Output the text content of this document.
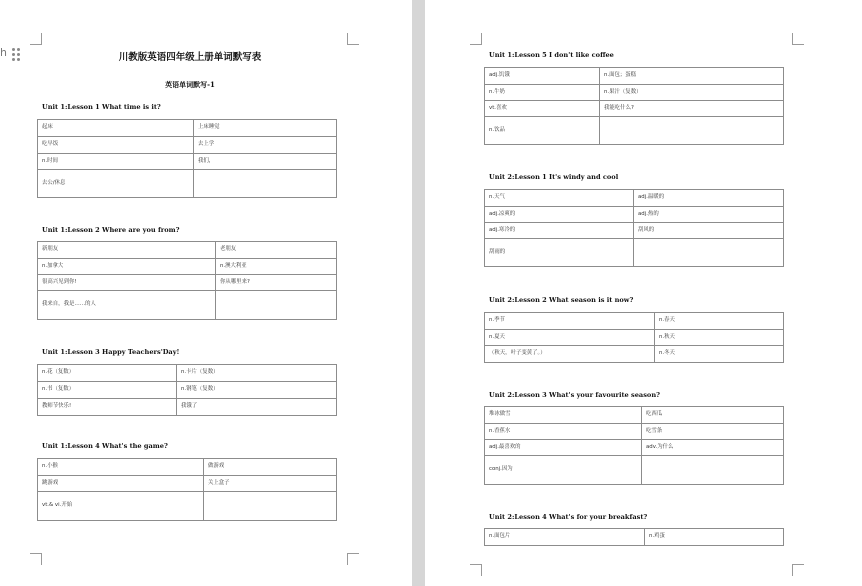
h	川教版英语四年级上册单词默写表
英语单词默写-1
Unit 1:Lesson 1 What time is it?
起床	上床睡觉
吃早饭	去上学
n.时间	我们，
去公/休息	
Unit 1:Lesson 2 Where are you from?
新朋友	老朋友
n.加拿大	n.澳大利亚
很高兴见到你!	你从哪里来?
我来自，我是……的人	
Unit 1:Lesson 3 Happy Teachers'Day!
n.花（复数）	n.卡片（复数）
n.书（复数）	n.钢笔（复数）
教师节快乐!	我饿了
Unit 1:Lesson 4 What's the game?
n.小猴	做游戏
跳游戏	关上盒子
vt.& vi.开始	
Unit 1:Lesson 5 I don't like coffee
adj.饥饿	n.面包；蛋糕
n.牛奶	n.果汁（复数）
vt.喜欢	我能吃什么?
n.饮品	
Unit 2:Lesson 1 It's windy and cool
n.天气	adj.温暖的
adj.凉爽的	adj.热的
adj.寒冷的	刮风的
刮雨的	
Unit 2:Lesson 2 What season is it now?
n.季节	n.春天
n.夏天	n.秋天
（秋天，叶子变黄了。）	n.冬天
Unit 2:Lesson 3 What's your favourite season?
堆冰做雪	吃西瓜
n.香蕉水	吃雪条
adj.最喜欢的	adv.为什么
conj.因为	
Unit 2:Lesson 4 What's for your breakfast?
n.面包片	n.鸡蛋
